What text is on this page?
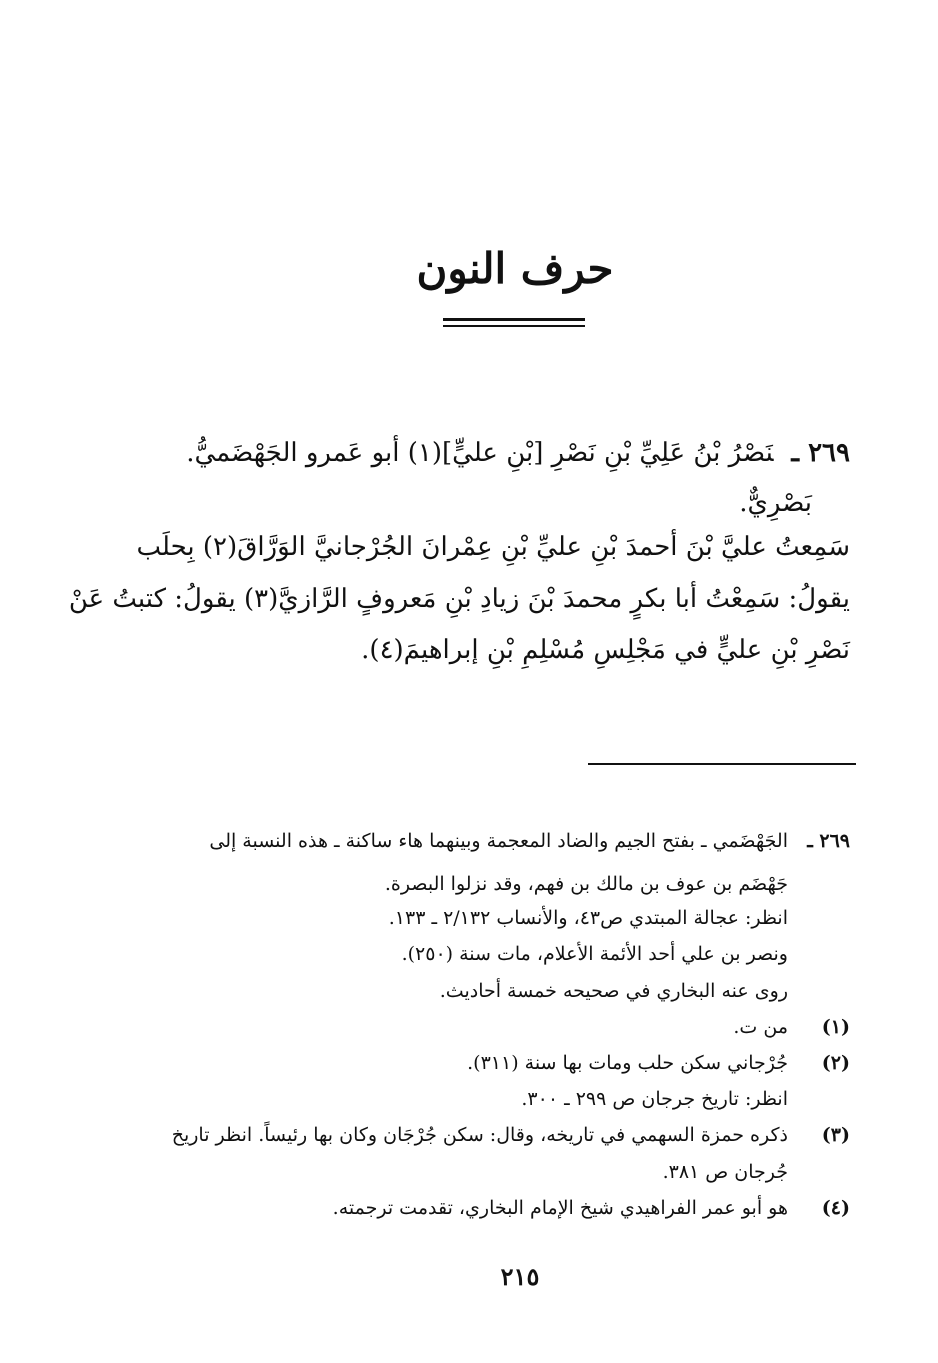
حرف النون
٢٦٩ ـنَصْرُ بْنُ عَلِيِّ بْنِ نَصْرِ [بْنِ عليٍّ](١) أبو عَمرو الجَهْضَميُّ.
بَصْرِيٌّ.
سَمِعتُ عليَّ بْنَ أحمدَ بْنِ عليِّ بْنِ عِمْرانَ الجُرْجانيَّ الوَرَّاقَ(٢) بِحلَب
يقولُ: سَمِعْتُ أبا بكرٍ محمدَ بْنَ زيادِ بْنِ مَعروفٍ الرَّازيَّ(٣) يقولُ: كتبتُ عَنْ
نَصْرِ بْنِ عليٍّ في مَجْلِسِ مُسْلِمِ بْنِ إبراهيمَ(٤).
٢٦٩ ـ
الجَهْضَمي ـ بفتح الجيم والضاد المعجمة وبينهما هاء ساكنة ـ هذه النسبة إلى
جَهْضَم بن عوف بن مالك بن فهم، وقد نزلوا البصرة.
انظر: عجالة المبتدي ص٤٣، والأنساب ٢/١٣٢ ـ ١٣٣.
ونصر بن علي أحد الأئمة الأعلام، مات سنة (٢٥٠).
روى عنه البخاري في صحيحه خمسة أحاديث.
(١)
من ت.
(٢)
جُرْجاني سكن حلب ومات بها سنة (٣١١).
انظر: تاريخ جرجان ص ٢٩٩ ـ ٣٠٠.
(٣)
ذكره حمزة السهمي في تاريخه، وقال: سكن جُرْجَان وكان بها رئيساً. انظر تاريخ
جُرجان ص ٣٨١.
(٤)
هو أبو عمر الفراهيدي شيخ الإمام البخاري، تقدمت ترجمته.
٢١٥
